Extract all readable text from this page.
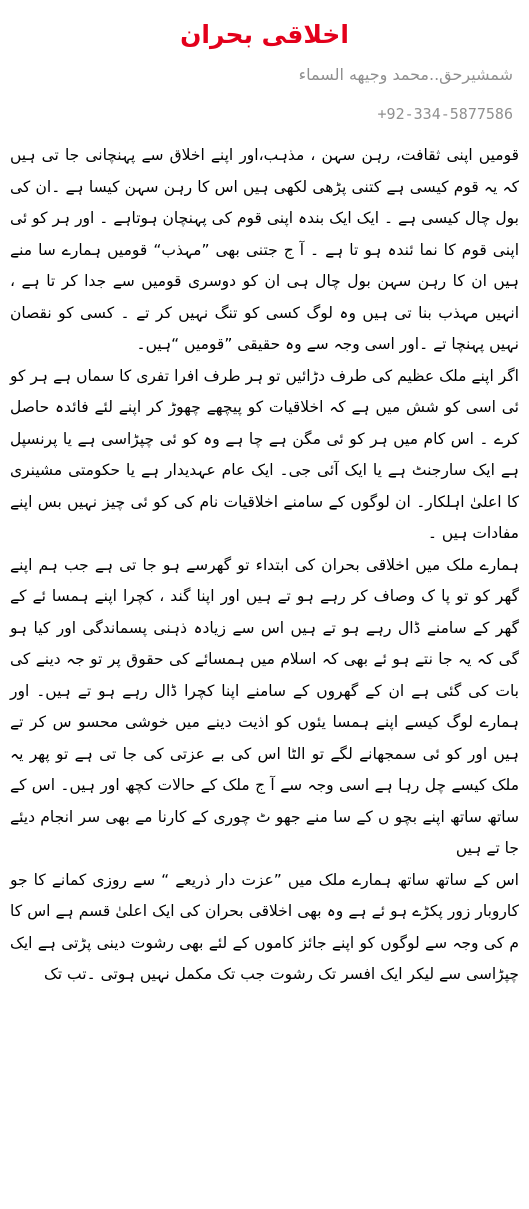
اخلاقی بحران
شمشیرحق..محمد وجیهه السماء
+92-334-5877586

قومیں اپنی ثقافت، رہن سہن ، مذہب،اور اپنے اخلاق سے پہنچانی جا تی ہیں کہ یہ قوم کیسی ہے کتنی پڑھی لکھی ہیں اس کا رہن سہن کیسا ہے ۔ان کی بول چال کیسی ہے ۔ ایک ایک بندہ اپنی قوم کی پہنچان ہوتاہے ۔ اور ہر کو ئی اپنی قوم کا نما ئندہ ہو تا ہے ۔ آ ج جتنی بھی ”مہذب“ قومیں ہمارے سا منے ہیں ان کا رہن سہن بول چال ہی ان کو دوسری قومیں سے جدا کر تا ہے ، انہیں مہذب بنا تی ہیں وہ لوگ کسی کو تنگ نہیں کر تے ۔ کسی کو نقصان نہیں پہنچا تے ۔اور اسی وجہ سے وہ حقیقی ”قومیں “ہیں۔

اگر اپنے ملک عظیم کی طرف دڑائیں تو ہر طرف افرا تفری کا سماں ہے ہر کو ئی اسی کو شش میں ہے کہ اخلاقیات کو پیچھے چھوڑ کر اپنے لئے فائدہ حاصل کرے ۔ اس کام میں ہر کو ئی مگن ہے چا ہے وہ کو ئی چپڑاسی ہے یا پرنسپل ہے ایک سارجنٹ ہے یا ایک آئی جی۔ ایک عام عہدیدار ہے یا حکومتی مشینری کا اعلیٰ اہلکار۔ ان لوگوں کے سامنے اخلاقیات نام کی کو ئی چیز نہیں بس اپنے مفادات ہیں ۔

ہمارے ملک میں اخلاقی بحران کی ابتداء تو گھرسے ہو جا تی ہے جب ہم اپنے گھر کو تو پا ک وصاف کر رہے ہو تے ہیں اور اپنا گند ، کچرا اپنے ہمسا ئے کے گھر کے سامنے ڈال رہے ہو تے ہیں اس سے زیادہ ذہنی پسماندگی اور کیا ہو گی کہ یہ جا نتے ہو ئے بھی کہ اسلام میں ہمسائے کی حقوق پر تو جہ دینے کی بات کی گئی ہے ان کے گھروں کے سامنے اپنا کچرا ڈال رہے ہو تے ہیں۔ اور ہمارے لوگ کیسے اپنے ہمسا یئوں کو اذیت دینے میں خوشی محسو س کر تے ہیں اور کو ئی سمجھانے لگے تو الٹا اس کی بے عزتی کی جا تی ہے تو پھر یہ ملک کیسے چل رہا ہے اسی وجہ سے آ ج ملک کے حالات کچھ اور ہیں۔ اس کے ساتھ ساتھ اپنے بچو ں کے سا منے جھو ٹ چوری کے کارنا مے بھی سر انجام دیئے جا تے ہیں

اس کے ساتھ ساتھ ہمارے ملک میں ”عزت دار ذریعے “ سے روزی کمانے کا جو کاروبار زور پکڑے ہو ئے ہے وہ بھی اخلاقی بحران کی ایک اعلیٰ قسم ہے اس کا م کی وجہ سے لوگوں کو اپنے جائز کاموں کے لئے بھی رشوت دینی پڑتی ہے ایک چپڑاسی سے لیکر ایک افسر تک رشوت جب تک مکمل نہیں ہوتی ۔تب تک
